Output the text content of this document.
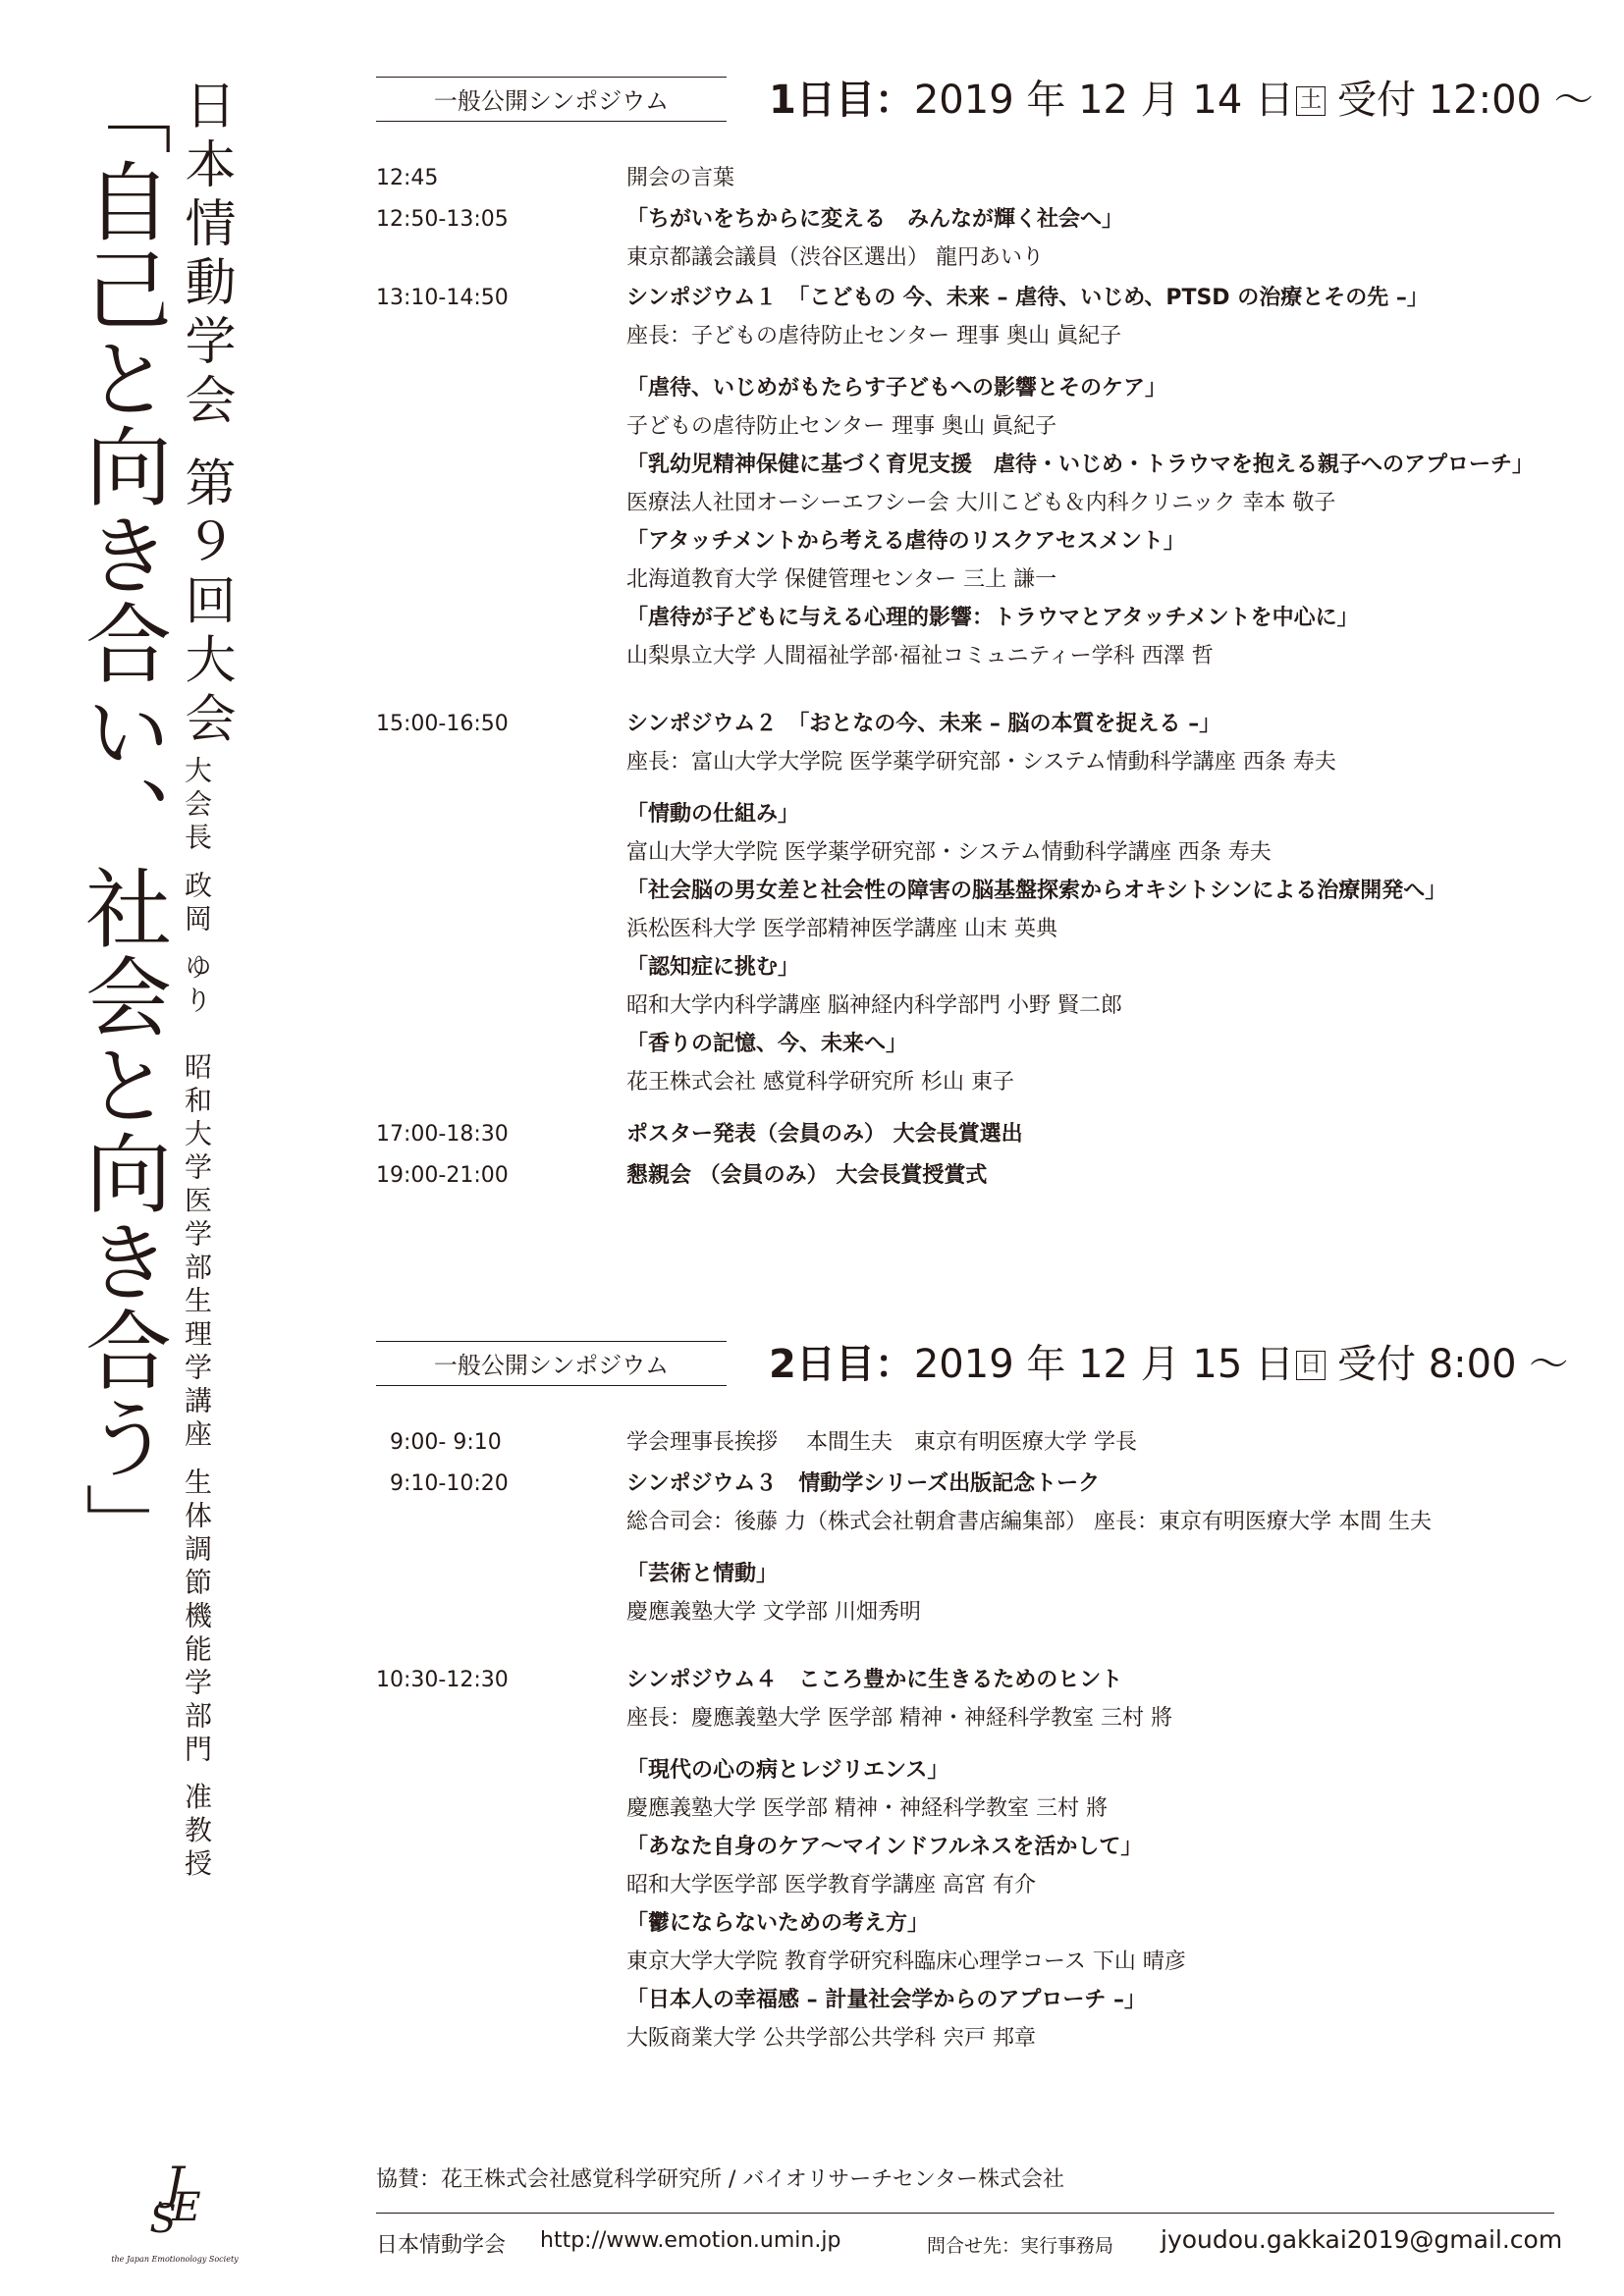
「自己と向き合い、社会と向き合う」 日本情動学会 第９回大会
大会長 政岡 ゆり　昭和大学医学部生理学講座 生体調節機能学部門 准教授
一般公開シンポジウム	1日目：2019 年 12 月 14 日 土 受付 12:00 ～
12:45	開会の言葉
12:50-13:05	「ちがいをちからに変える　みんなが輝く社会へ」
東京都議会議員（渋谷区選出） 龍円あいり
13:10-14:50	シンポジウム１　「こどもの 今、未来 – 虐待、いじめ、PTSD の治療とその先 –」
座長：子どもの虐待防止センター 理事 奥山 眞紀子
「虐待、いじめがもたらす子どもへの影響とそのケア」
子どもの虐待防止センター 理事 奥山 眞紀子
「乳幼児精神保健に基づく育児支援　虐待・いじめ・トラウマを抱える親子へのアプローチ」
医療法人社団オーシーエフシー会 大川こども＆内科クリニック 幸本 敬子
「アタッチメントから考える虐待のリスクアセスメント」
北海道教育大学 保健管理センター 三上 謙一
「虐待が子どもに与える心理的影響：トラウマとアタッチメントを中心に」
山梨県立大学 人間福祉学部·福祉コミュニティー学科 西澤 哲
15:00-16:50	シンポジウム２　「おとなの今、未来 – 脳の本質を捉える –」
座長：富山大学大学院 医学薬学研究部・システム情動科学講座 西条 寿夫
「情動の仕組み」
富山大学大学院 医学薬学研究部・システム情動科学講座 西条 寿夫
「社会脳の男女差と社会性の障害の脳基盤探索からオキシトシンによる治療開発へ」
浜松医科大学 医学部精神医学講座 山末 英典
「認知症に挑む」
昭和大学内科学講座 脳神経内科学部門 小野 賢二郎
「香りの記憶、今、未来へ」
花王株式会社 感覚科学研究所 杉山 東子
17:00-18:30	ポスター発表（会員のみ） 大会長賞選出
19:00-21:00	懇親会 （会員のみ） 大会長賞授賞式
一般公開シンポジウム	2日目：2019 年 12 月 15 日 日 受付 8:00 ～
9:00- 9:10	学会理事長挨拶　 本間生夫　東京有明医療大学 学長
9:10-10:20	シンポジウム３　情動学シリーズ出版記念トーク
総合司会：後藤 力（株式会社朝倉書店編集部） 座長：東京有明医療大学 本間 生夫
「芸術と情動」
慶應義塾大学 文学部 川畑秀明
10:30-12:30	シンポジウム４　こころ豊かに生きるためのヒント
座長：慶應義塾大学 医学部 精神・神経科学教室 三村 將
「現代の心の病とレジリエンス」
慶應義塾大学 医学部 精神・神経科学教室 三村 將
「あなた自身のケア～マインドフルネスを活かして」
昭和大学医学部 医学教育学講座 高宮 有介
「鬱にならないための考え方」
東京大学大学院 教育学研究科臨床心理学コース 下山 晴彦
「日本人の幸福感 – 計量社会学からのアプローチ –」
大阪商業大学 公共学部公共学科 宍戸 邦章
J
E
S
the Japan Emotionology Society
協賛：花王株式会社感覚科学研究所 / バイオリサーチセンター株式会社
日本情動学会 http://www.emotion.umin.jp	問合せ先：実行事務局 jyoudou.gakkai2019@gmail.com
